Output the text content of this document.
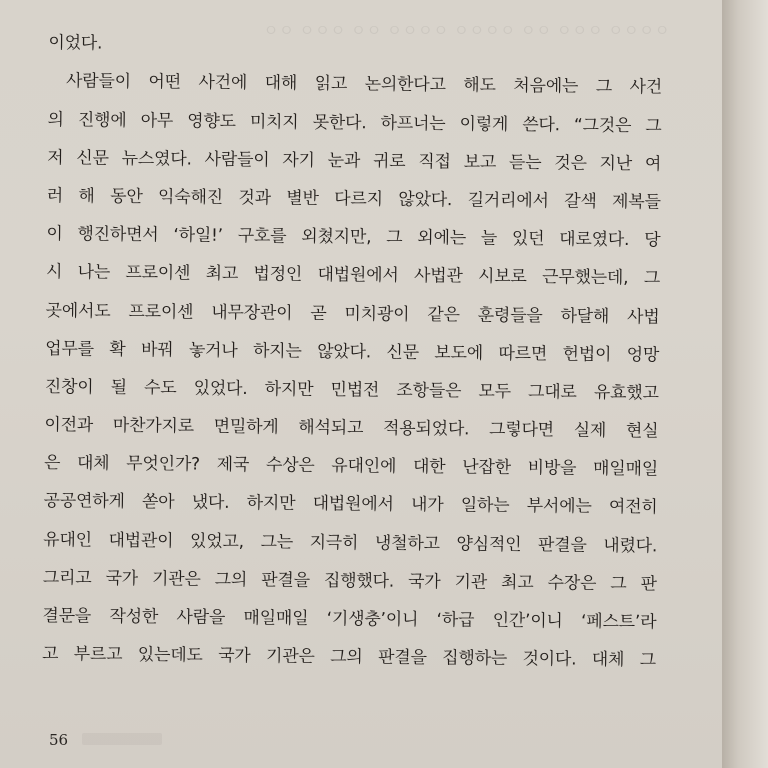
ㅇㅇㅇㅇ ㅇㅇㅇ ㅇㅇ ㅇㅇㅇㅇ ㅇㅇㅇㅇ ㅇㅇ ㅇㅇㅇ ㅇㅇ

이었다.
사람들이 어떤 사건에 대해 읽고 논의한다고 해도 처음에는 그 사건
의 진행에 아무 영향도 미치지 못한다. 하프너는 이렇게 쓴다. “그것은 그
저 신문 뉴스였다. 사람들이 자기 눈과 귀로 직접 보고 듣는 것은 지난 여
러 해 동안 익숙해진 것과 별반 다르지 않았다. 길거리에서 갈색 제복들
이 행진하면서 ‘하일!’ 구호를 외쳤지만, 그 외에는 늘 있던 대로였다. 당
시 나는 프로이센 최고 법정인 대법원에서 사법관 시보로 근무했는데, 그
곳에서도 프로이센 내무장관이 곧 미치광이 같은 훈령들을 하달해 사법
업무를 확 바꿔 놓거나 하지는 않았다. 신문 보도에 따르면 헌법이 엉망
진창이 될 수도 있었다. 하지만 민법전 조항들은 모두 그대로 유효했고
이전과 마찬가지로 면밀하게 해석되고 적용되었다. 그렇다면 실제 현실
은 대체 무엇인가? 제국 수상은 유대인에 대한 난잡한 비방을 매일매일
공공연하게 쏟아 냈다. 하지만 대법원에서 내가 일하는 부서에는 여전히
유대인 대법관이 있었고, 그는 지극히 냉철하고 양심적인 판결을 내렸다.
그리고 국가 기관은 그의 판결을 집행했다. 국가 기관 최고 수장은 그 판
결문을 작성한 사람을 매일매일 ‘기생충’이니 ‘하급 인간’이니 ‘페스트’라
고 부르고 있는데도 국가 기관은 그의 판결을 집행하는 것이다. 대체 그
56
